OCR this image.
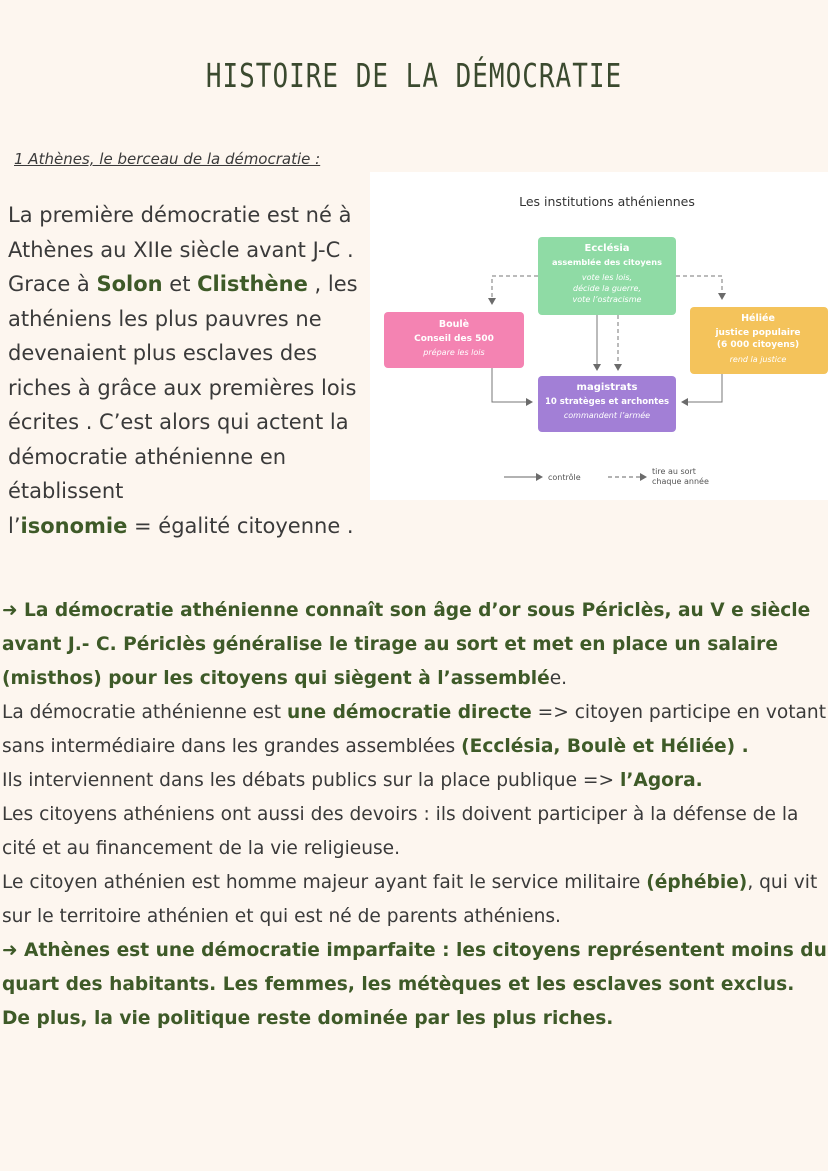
HISTOIRE DE LA DÉMOCRATIE
1 Athènes, le berceau de la démocratie :
La première démocratie est né à Athènes au XIIe siècle avant J-C .
Grace à Solon et Clisthène , les athéniens les plus pauvres ne devenaient plus esclaves des riches à grâce aux premières lois écrites . C’est alors qui actent la démocratie athénienne en établissent
l’isonomie = égalité citoyenne .
Les institutions athéniennes
Ecclésia
assemblée des citoyens
vote les lois,
décide la guerre,
vote l’ostracisme
Boulè
Conseil des 500
prépare les lois
Héliée
justice populaire
(6 000 citoyens)
rend la justice
magistrats
10 stratèges et archontes
commandent l’armée
contrôle
tire au sort
chaque année

➜ La démocratie athénienne connaît son âge d’or sous Périclès, au V e siècle avant J.- C. Périclès généralise le tirage au sort et met en place un salaire (misthos) pour les citoyens qui siègent à l’assemblée.

La démocratie athénienne est une démocratie directe => citoyen participe en votant sans intermédiaire dans les grandes assemblées (Ecclésia, Boulè et Héliée) .

Ils interviennent dans les débats publics sur la place publique => l’Agora.

Les citoyens athéniens ont aussi des devoirs : ils doivent participer à la défense de la cité et au financement de la vie religieuse.

Le citoyen athénien est homme majeur ayant fait le service militaire (éphébie), qui vit sur le territoire athénien et qui est né de parents athéniens.

➜ Athènes est une démocratie imparfaite : les citoyens représentent moins du quart des habitants. Les femmes, les métèques et les esclaves sont exclus. De plus, la vie politique reste dominée par les plus riches.
